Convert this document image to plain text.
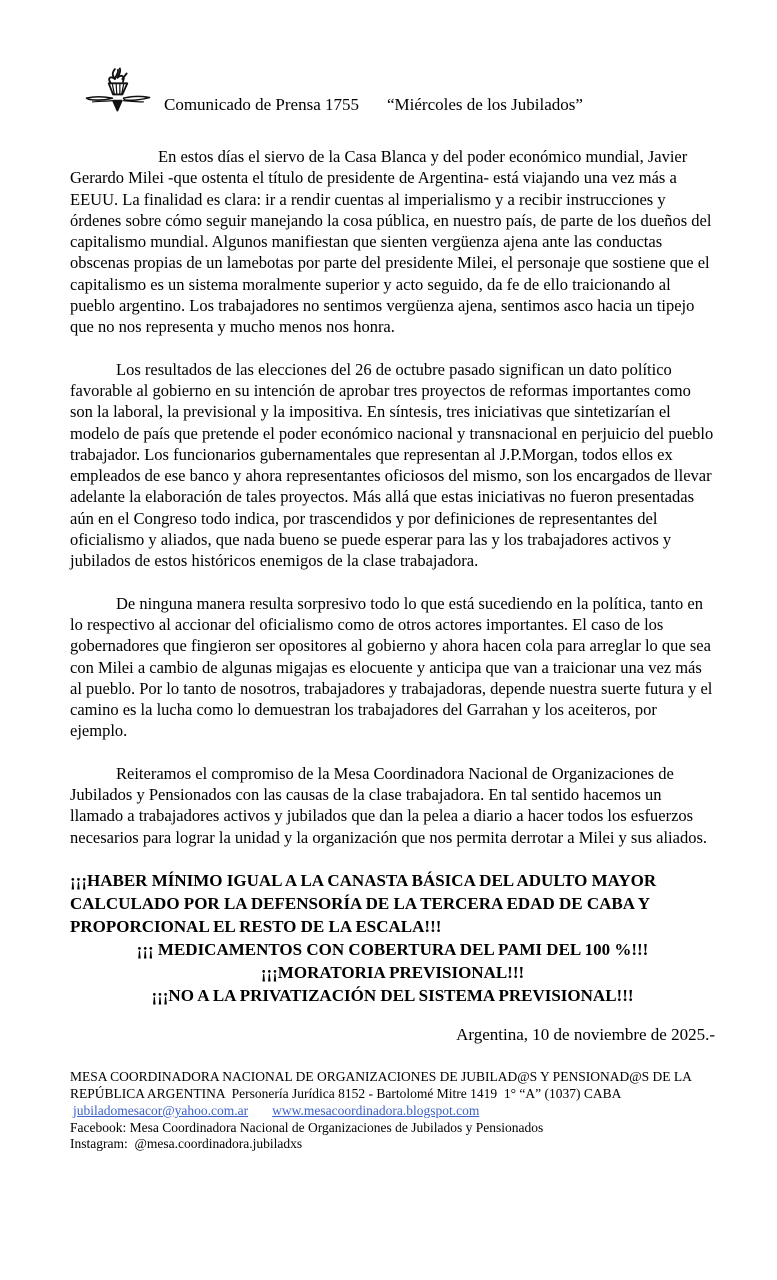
Comunicado de Prensa 1755 “Miércoles de los Jubilados”

En estos días el siervo de la Casa Blanca y del poder económico mundial, Javier Gerardo Milei -que ostenta el título de presidente de Argentina- está viajando una vez más a EEUU. La finalidad es clara: ir a rendir cuentas al imperialismo y a recibir instrucciones y órdenes sobre cómo seguir manejando la cosa pública, en nuestro país, de parte de los dueños del capitalismo mundial. Algunos manifiestan que sienten vergüenza ajena ante las conductas obscenas propias de un lamebotas por parte del presidente Milei, el personaje que sostiene que el capitalismo es un sistema moralmente superior y acto seguido, da fe de ello traicionando al pueblo argentino. Los trabajadores no sentimos vergüenza ajena, sentimos asco hacia un tipejo que no nos representa y mucho menos nos honra.

Los resultados de las elecciones del 26 de octubre pasado significan un dato político favorable al gobierno en su intención de aprobar tres proyectos de reformas importantes como son la laboral, la previsional y la impositiva. En síntesis, tres iniciativas que sintetizarían el modelo de país que pretende el poder económico nacional y transnacional en perjuicio del pueblo trabajador. Los funcionarios gubernamentales que representan al J.P.Morgan, todos ellos ex empleados de ese banco y ahora representantes oficiosos del mismo, son los encargados de llevar adelante la elaboración de tales proyectos. Más allá que estas iniciativas no fueron presentadas aún en el Congreso todo indica, por trascendidos y por definiciones de representantes del oficialismo y aliados, que nada bueno se puede esperar para las y los trabajadores activos y jubilados de estos históricos enemigos de la clase trabajadora.

De ninguna manera resulta sorpresivo todo lo que está sucediendo en la política, tanto en lo respectivo al accionar del oficialismo como de otros actores importantes. El caso de los gobernadores que fingieron ser opositores al gobierno y ahora hacen cola para arreglar lo que sea con Milei a cambio de algunas migajas es elocuente y anticipa que van a traicionar una vez más al pueblo. Por lo tanto de nosotros, trabajadores y trabajadoras, depende nuestra suerte futura y el camino es la lucha como lo demuestran los trabajadores del Garrahan y los aceiteros, por ejemplo.

Reiteramos el compromiso de la Mesa Coordinadora Nacional de Organizaciones de Jubilados y Pensionados con las causas de la clase trabajadora. En tal sentido hacemos un llamado a trabajadores activos y jubilados que dan la pelea a diario a hacer todos los esfuerzos necesarios para lograr la unidad y la organización que nos permita derrotar a Milei y sus aliados.

¡¡¡HABER MÍNIMO IGUAL A LA CANASTA BÁSICA DEL ADULTO MAYOR CALCULADO POR LA DEFENSORÍA DE LA TERCERA EDAD DE CABA Y PROPORCIONAL EL RESTO DE LA ESCALA!!!

¡¡¡ MEDICAMENTOS CON COBERTURA DEL PAMI DEL 100 %!!!

¡¡¡MORATORIA PREVISIONAL!!!

¡¡¡NO A LA PRIVATIZACIÓN DEL SISTEMA PREVISIONAL!!!

Argentina, 10 de noviembre de 2025.-

MESA COORDINADORA NACIONAL DE ORGANIZACIONES DE JUBILAD@S Y PENSIONAD@S DE LA REPÚBLICA ARGENTINA  Personería Jurídica 8152 - Bartolomé Mitre 1419  1° “A” (1037) CABA

jubiladomesacor@yahoo.com.ar www.mesacoordinadora.blogspot.com

Facebook: Mesa Coordinadora Nacional de Organizaciones de Jubilados y Pensionados

Instagram:  @mesa.coordinadora.jubiladxs
